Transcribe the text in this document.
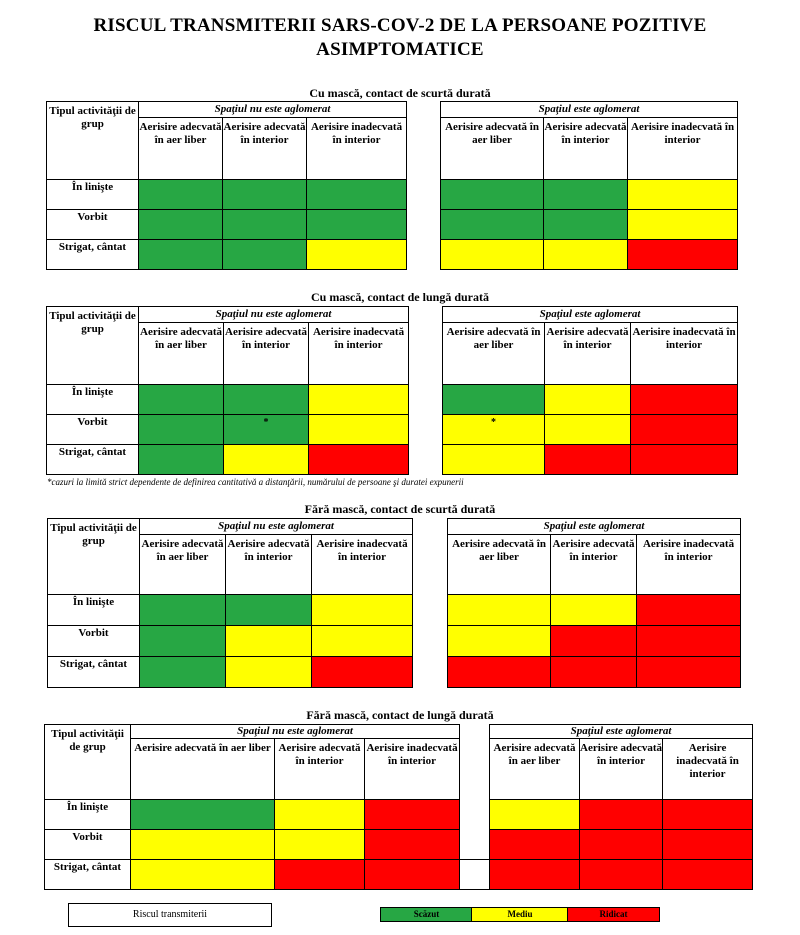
RISCUL TRANSMITERII SARS-COV-2 DE LA PERSOANE POZITIVE
ASIMPTOMATICE
Cu mască, contact de scurtă durată
Tipul activităţii de grup	Spaţiul nu este aglomerat				Spaţiul este aglomerat		
	Aerisire adecvată în aer liber	Aerisire adecvată în interior	Aerisire inadecvată în interior		Aerisire adecvată în aer liber	Aerisire adecvată în interior	Aerisire inadecvată în interior
În linişte							
Vorbit							
Strigat, cântat							
Cu mască, contact de lungă durată
Tipul activităţii de grup	Spaţiul nu este aglomerat				Spaţiul este aglomerat		
	Aerisire adecvată în aer liber	Aerisire adecvată în interior	Aerisire inadecvată în interior		Aerisire adecvată în aer liber	Aerisire adecvată în interior	Aerisire inadecvată în interior
În linişte							
Vorbit		*			*		

Strigat, cântat							
*cazuri la limită strict dependente de definirea cantitativă a distanţării, numărului de persoane şi duratei expunerii
Fără mască, contact de scurtă durată
Tipul activităţii de grup	Spaţiul nu este aglomerat				Spaţiul este aglomerat		
	Aerisire adecvată în aer liber	Aerisire adecvată în interior	Aerisire inadecvată în interior		Aerisire adecvată în aer liber	Aerisire adecvată în interior	Aerisire inadecvată în interior
În linişte							
Vorbit							
Strigat, cântat							
Fără mască, contact de lungă durată
Tipul activităţii de grup	Spaţiul nu este aglomerat				Spaţiul este aglomerat		
	Aerisire adecvată în aer liber	Aerisire adecvată în interior	Aerisire inadecvată în interior		Aerisire adecvată în aer liber	Aerisire adecvată în interior	Aerisire inadecvată în interior
În linişte							
Vorbit							
Strigat, cântat							
Riscul transmiterii	Scăzut	Mediu	Ridicat
